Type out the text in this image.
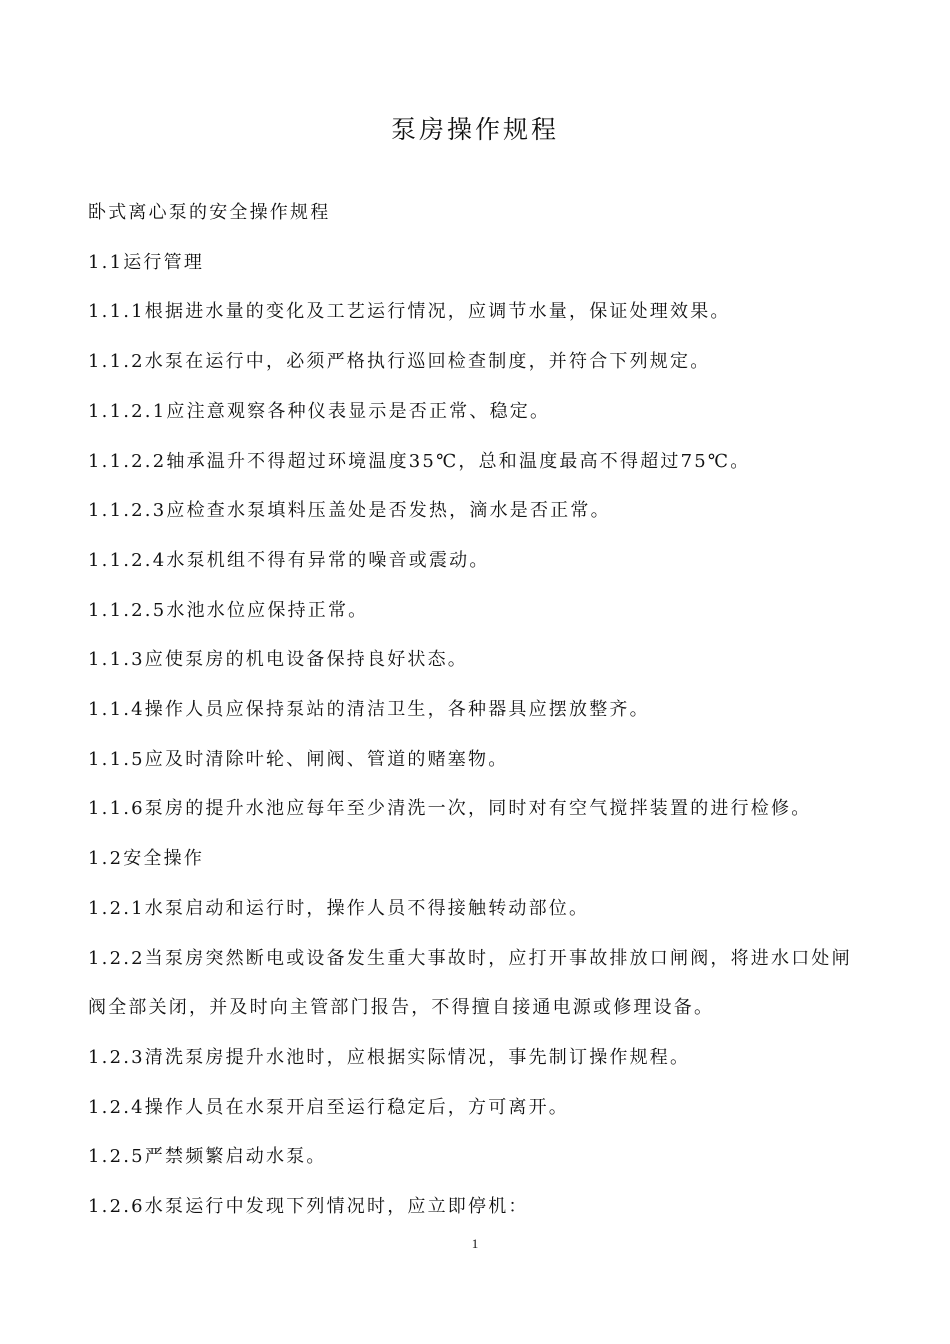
泵房操作规程

卧式离心泵的安全操作规程

1.1运行管理

1.1.1根据进水量的变化及工艺运行情况，应调节水量，保证处理效果。

1.1.2水泵在运行中，必须严格执行巡回检查制度，并符合下列规定。

1.1.2.1应注意观察各种仪表显示是否正常、稳定。

1.1.2.2轴承温升不得超过环境温度35℃，总和温度最高不得超过75℃。

1.1.2.3应检查水泵填料压盖处是否发热，滴水是否正常。

1.1.2.4水泵机组不得有异常的噪音或震动。

1.1.2.5水池水位应保持正常。

1.1.3应使泵房的机电设备保持良好状态。

1.1.4操作人员应保持泵站的清洁卫生，各种器具应摆放整齐。

1.1.5应及时清除叶轮、闸阀、管道的赌塞物。

1.1.6泵房的提升水池应每年至少清洗一次，同时对有空气搅拌装置的进行检修。

1.2安全操作

1.2.1水泵启动和运行时，操作人员不得接触转动部位。

1.2.2当泵房突然断电或设备发生重大事故时，应打开事故排放口闸阀，将进水口处闸阀全部关闭，并及时向主管部门报告，不得擅自接通电源或修理设备。

1.2.3清洗泵房提升水池时，应根据实际情况，事先制订操作规程。

1.2.4操作人员在水泵开启至运行稳定后，方可离开。

1.2.5严禁频繁启动水泵。

1.2.6水泵运行中发现下列情况时，应立即停机：

1
